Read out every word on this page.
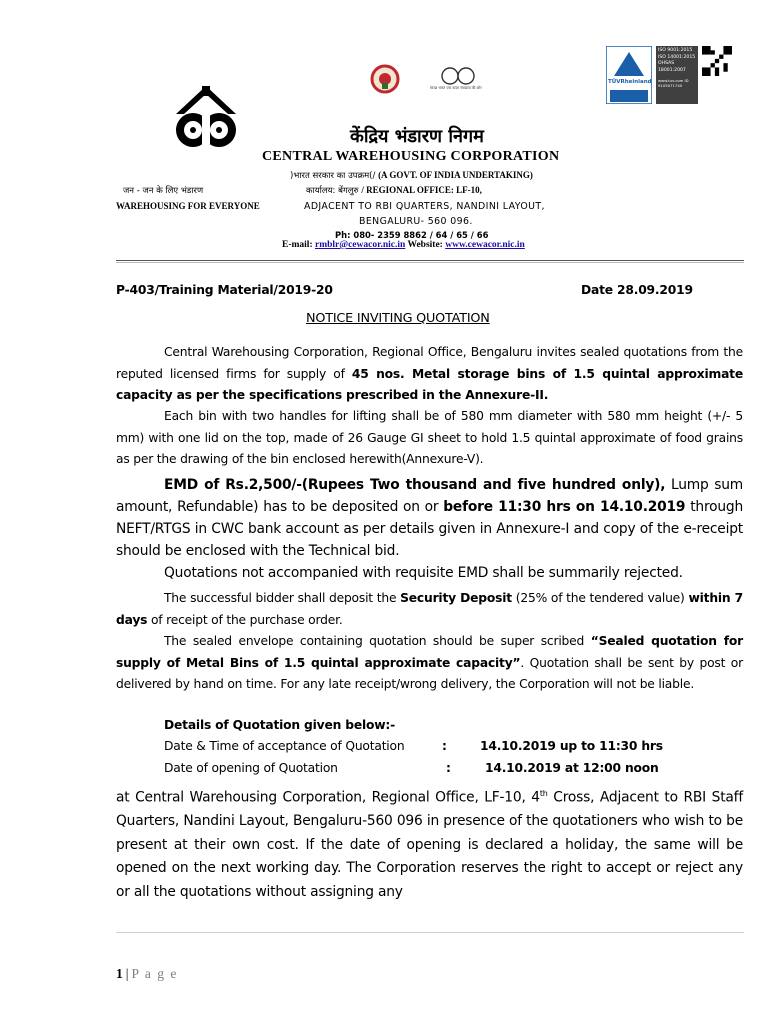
स्वच्छ भारत एक कदम स्वच्छता की ओर
TÜVRheinland
ISO 9001:2015
ISO 14001:2015
OHSAS
18001:2007
www.tuv.com ID 9105071740
केंद्रिय भंडारण निगम
CENTRAL WAREHOUSING CORPORATION
)भारत सरकार का उपक्रम(/ (A GOVT. OF INDIA UNDERTAKING)
जन - जन के लिए भंडारण	कार्यालय: बेंगलुरु / REGIONAL OFFICE: LF-10,
WAREHOUSING FOR EVERYONE	ADJACENT TO RBI QUARTERS, NANDINI LAYOUT,
BENGALURU- 560 096.
Ph: 080- 2359 8862 / 64 / 65 / 66
E-mail: rmblr@cewacor.nic.in Website: www.cewacor.nic.in
P-403/Training Material/2019-20	Date 28.09.2019
NOTICE INVITING QUOTATION

Central Warehousing Corporation, Regional Office, Bengaluru invites sealed quotations from the reputed licensed firms for supply of 45 nos. Metal storage bins of 1.5 quintal approximate capacity as per the specifications prescribed in the Annexure-II.

Each bin with two handles for lifting shall be of 580 mm diameter with 580 mm height (+/- 5 mm) with one lid on the top, made of 26 Gauge GI sheet to hold 1.5 quintal approximate of food grains as per the drawing of the bin enclosed herewith(Annexure-V).

EMD of Rs.2,500/-(Rupees Two thousand and five hundred only), Lump sum amount, Refundable) has to be deposited on or before 11:30 hrs on 14.10.2019 through NEFT/RTGS in CWC bank account as per details given in Annexure-I and copy of the e-receipt should be enclosed with the Technical bid.

Quotations not accompanied with requisite EMD shall be summarily rejected.

The successful bidder shall deposit the Security Deposit (25% of the tendered value) within 7 days of receipt of the purchase order.

The sealed envelope containing quotation should be super scribed “Sealed quotation for supply of Metal Bins of 1.5 quintal approximate capacity”. Quotation shall be sent by post or delivered by hand on time. For any late receipt/wrong delivery, the Corporation will not be liable.

Details of Quotation given below:-
Date & Time of acceptance of Quotation	:	14.10.2019 up to 11:30 hrs
Date of opening of Quotation	:	14.10.2019 at 12:00 noon

at Central Warehousing Corporation, Regional Office, LF-10, 4th Cross, Adjacent to RBI Staff Quarters, Nandini Layout, Bengaluru-560 096 in presence of the quotationers who wish to be present at their own cost. If the date of opening is declared a holiday, the same will be opened on the next working day. The Corporation reserves the right to accept or reject any or all the quotations without assigning any

1 | P a g e
